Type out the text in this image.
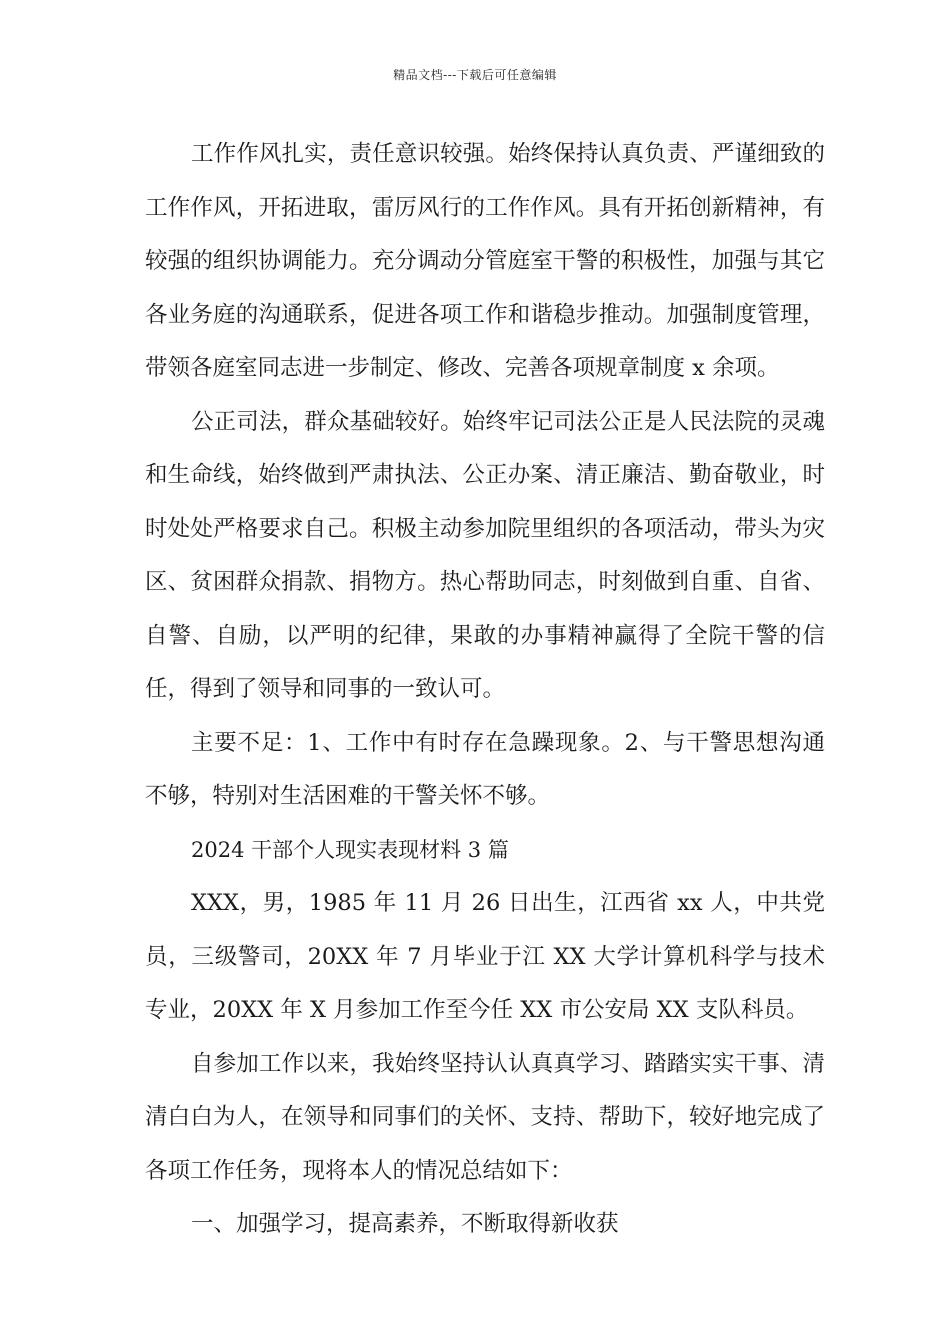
精品文档---下载后可任意编辑

工作作风扎实，责任意识较强。始终保持认真负责、严谨细致的工作作风，开拓进取，雷厉风行的工作作风。具有开拓创新精神，有较强的组织协调能力。充分调动分管庭室干警的积极性，加强与其它各业务庭的沟通联系，促进各项工作和谐稳步推动。加强制度管理，带领各庭室同志进一步制定、修改、完善各项规章制度 x 余项。

公正司法，群众基础较好。始终牢记司法公正是人民法院的灵魂和生命线，始终做到严肃执法、公正办案、清正廉洁、勤奋敬业，时时处处严格要求自己。积极主动参加院里组织的各项活动，带头为灾区、贫困群众捐款、捐物方。热心帮助同志，时刻做到自重、自省、自警、自励，以严明的纪律，果敢的办事精神赢得了全院干警的信任，得到了领导和同事的一致认可。

主要不足：1、工作中有时存在急躁现象。2、与干警思想沟通不够，特别对生活困难的干警关怀不够。

2024 干部个人现实表现材料 3 篇

XXX，男，1985 年 11 月 26 日出生，江西省 xx 人，中共党员，三级警司，20XX 年 7 月毕业于江 XX 大学计算机科学与技术专业，20XX 年 X 月参加工作至今任 XX 市公安局 XX 支队科员。

自参加工作以来，我始终坚持认认真真学习、踏踏实实干事、清清白白为人，在领导和同事们的关怀、支持、帮助下，较好地完成了各项工作任务，现将本人的情况总结如下：

一、加强学习，提高素养，不断取得新收获
